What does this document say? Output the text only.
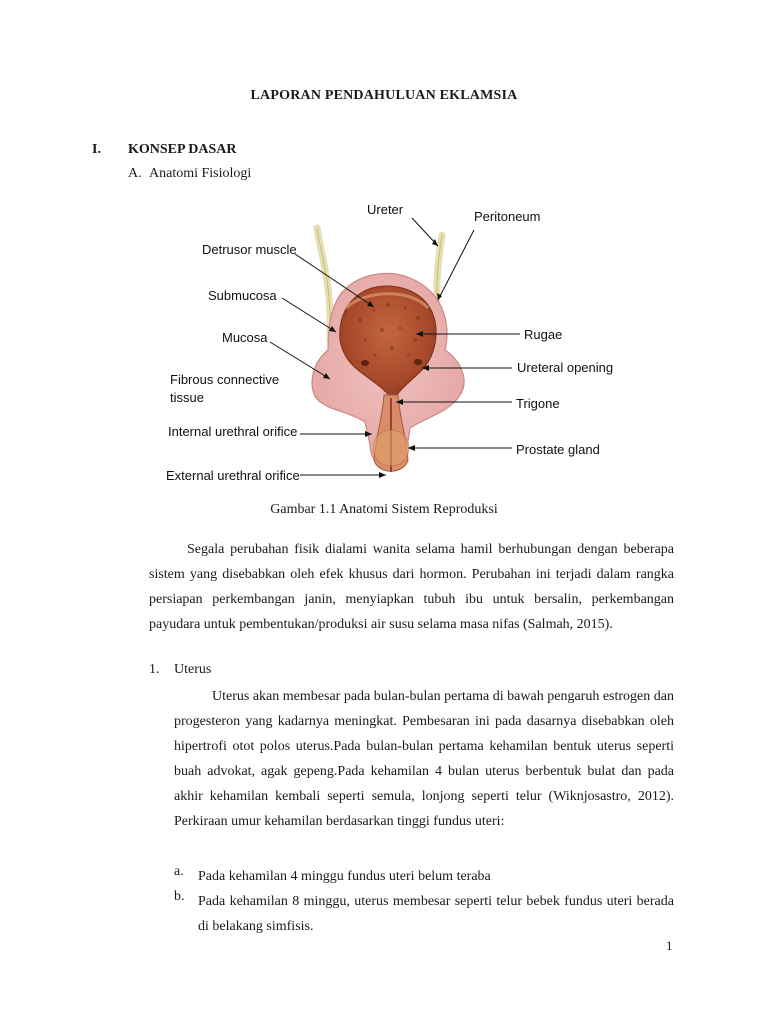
LAPORAN PENDAHULUAN EKLAMSIA
I. KONSEP DASAR
A. Anatomi Fisiologi
Ureter	Peritoneum
Detrusor muscle
Submucosa
Mucosa	Rugae
Ureteral opening
Fibrous connective
tissue	Trigone
Internal urethral orifice
Prostate gland
External urethral orifice
Gambar 1.1 Anatomi Sistem Reproduksi

Segala perubahan fisik dialami wanita selama hamil berhubungan dengan beberapa sistem yang disebabkan oleh efek khusus dari hormon. Perubahan ini terjadi dalam rangka persiapan perkembangan janin, menyiapkan tubuh ibu untuk bersalin, perkembangan payudara untuk pembentukan/produksi air susu selama masa nifas (Salmah, 2015).

1. Uterus

Uterus akan membesar pada bulan-bulan pertama di bawah pengaruh estrogen dan progesteron yang kadarnya meningkat. Pembesaran ini pada dasarnya disebabkan oleh hipertrofi otot polos uterus.Pada bulan-bulan pertama kehamilan bentuk uterus seperti buah advokat, agak gepeng.Pada kehamilan 4 bulan uterus berbentuk bulat dan pada akhir kehamilan kembali seperti semula, lonjong seperti telur (Wiknjosastro, 2012). Perkiraan umur kehamilan berdasarkan tinggi fundus uteri:

a. Pada kehamilan 4 minggu fundus uteri belum teraba

b. Pada kehamilan 8 minggu, uterus membesar seperti telur bebek fundus uteri berada di belakang simfisis.

1
